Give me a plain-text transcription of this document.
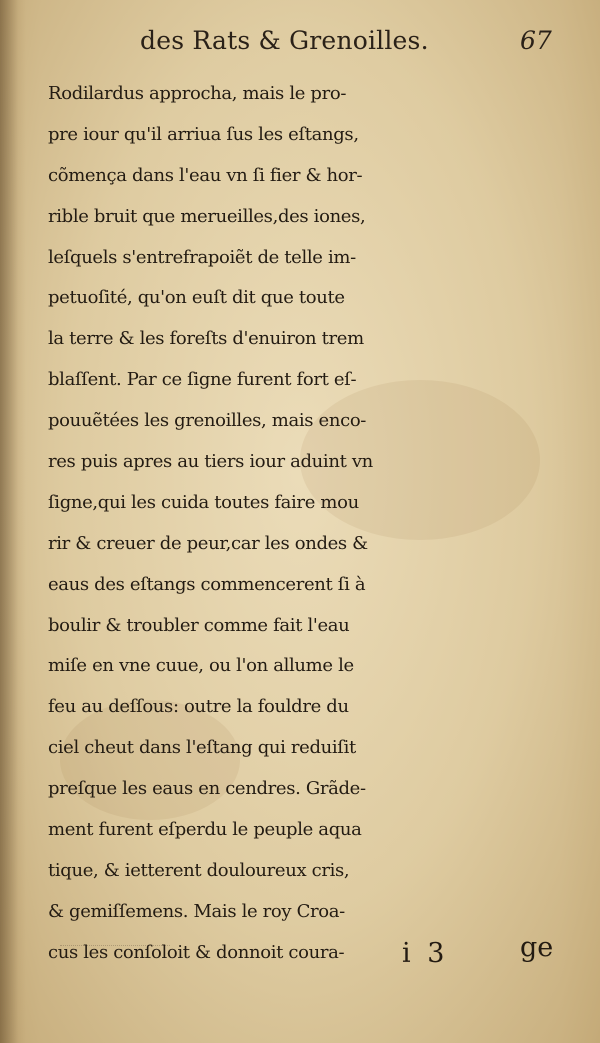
des Rats & Grenoilles.	67
Rodilardus approcha, mais le pro-
pre iour qu'il arriua ſus les eſtangs,
cõmença dans l'eau vn ſi fier & hor-
rible bruit que merueilles,des iones,
leſquels s'entrefrapoiẽt de telle im-
petuoſité, qu'on euſt dit que toute
la terre & les foreſts d'enuiron trem
blaſſent. Par ce ſigne furent fort eſ-
pouuẽtées les grenoilles, mais enco-
res puis apres au tiers iour aduint vn
ſigne,qui les cuida toutes faire mou
rir & creuer de peur,car les ondes &
eaus des eſtangs commencerent ſi à
boulir & troubler comme fait l'eau
miſe en vne cuue, ou l'on allume le
feu au deſſous: outre la fouldre du
ciel cheut dans l'eſtang qui reduiſit
preſque les eaus en cendres. Grãde-
ment furent eſperdu le peuple aqua
tique, & ietterent douloureux cris,
& gemiſſemens. Mais le roy Croa-
cus les conſoloit & donnoit coura-	i 3	ge
